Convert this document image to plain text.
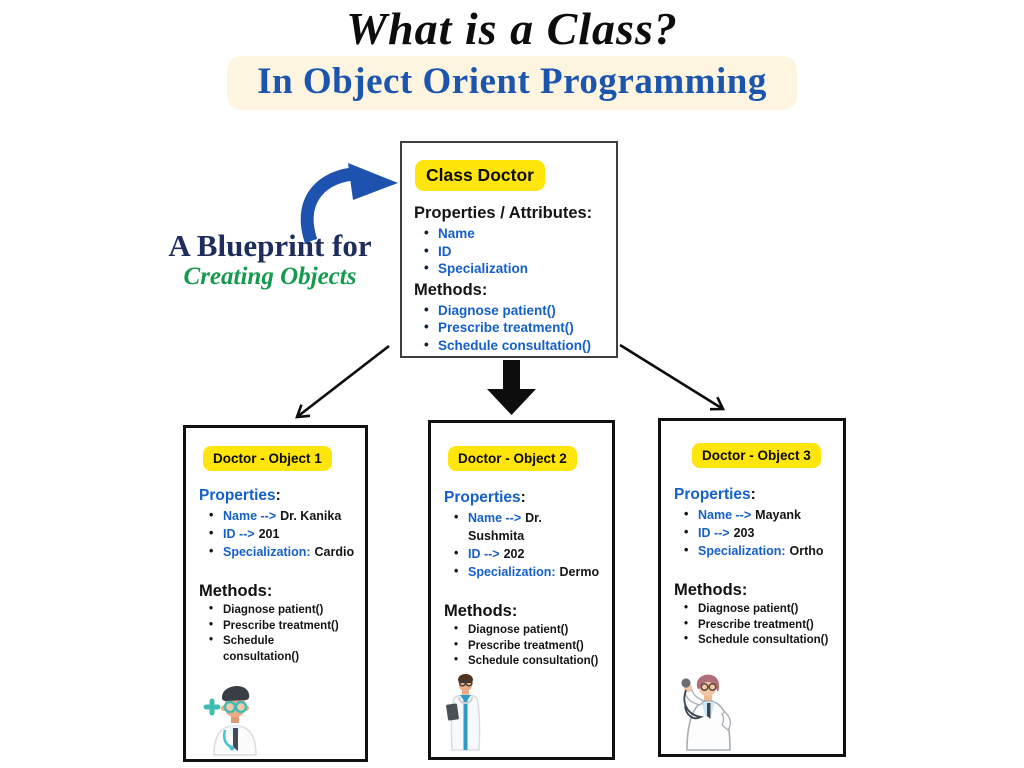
What is a Class?
In Object Orient Programming
A Blueprint for
Creating Objects
Class Doctor
Properties / Attributes:
• Name
• ID
• Specialization
Methods:
• Diagnose patient()
• Prescribe treatment()
• Schedule consultation()
Doctor - Object 1
Properties:
• Name --> Dr. Kanika
• ID --> 201
• Specialization: Cardio
Methods:
• Diagnose patient()
• Prescribe treatment()
• Schedule consultation()
Doctor - Object 2
Properties:
• Name --> Dr. Sushmita
• ID --> 202
• Specialization: Dermo
Methods:
• Diagnose patient()
• Prescribe treatment()
• Schedule consultation()
Doctor - Object 3
Properties:
• Name --> Mayank
• ID --> 203
• Specialization: Ortho
Methods:
• Diagnose patient()
• Prescribe treatment()
• Schedule consultation()
